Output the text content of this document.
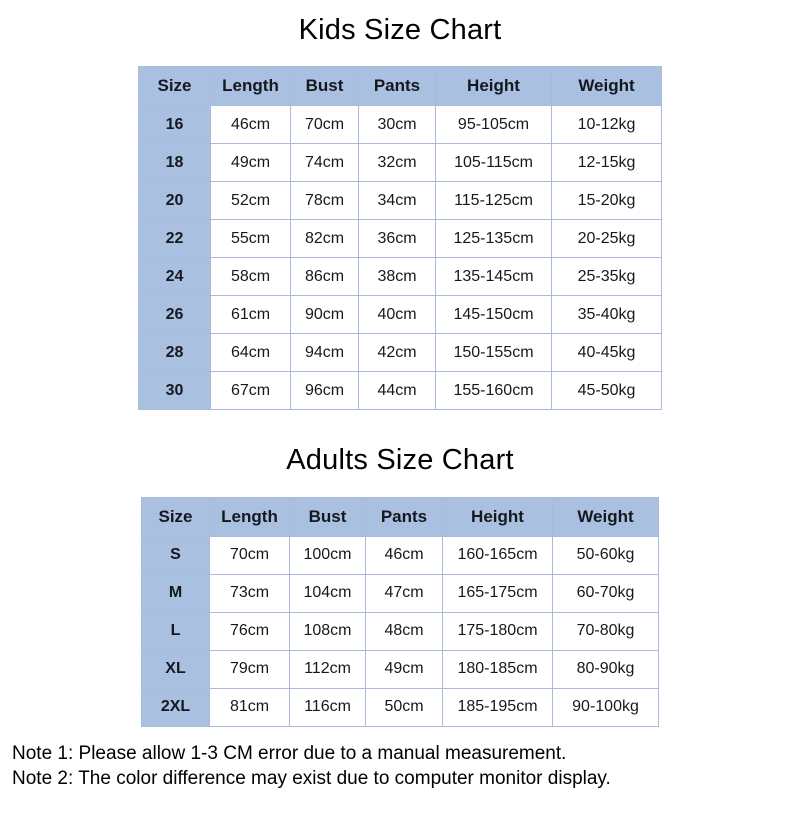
Kids Size Chart
Size	Length	Bust	Pants	Height	Weight
16	46cm	70cm	30cm	95-105cm	10-12kg
18	49cm	74cm	32cm	105-115cm	12-15kg
20	52cm	78cm	34cm	115-125cm	15-20kg
22	55cm	82cm	36cm	125-135cm	20-25kg
24	58cm	86cm	38cm	135-145cm	25-35kg
26	61cm	90cm	40cm	145-150cm	35-40kg
28	64cm	94cm	42cm	150-155cm	40-45kg
30	67cm	96cm	44cm	155-160cm	45-50kg
Adults Size Chart
Size	Length	Bust	Pants	Height	Weight
S	70cm	100cm	46cm	160-165cm	50-60kg
M	73cm	104cm	47cm	165-175cm	60-70kg
L	76cm	108cm	48cm	175-180cm	70-80kg
XL	79cm	112cm	49cm	180-185cm	80-90kg
2XL	81cm	116cm	50cm	185-195cm	90-100kg
Note 1: Please allow 1-3 CM error due to a manual measurement.
Note 2: The color difference may exist due to computer monitor display.
